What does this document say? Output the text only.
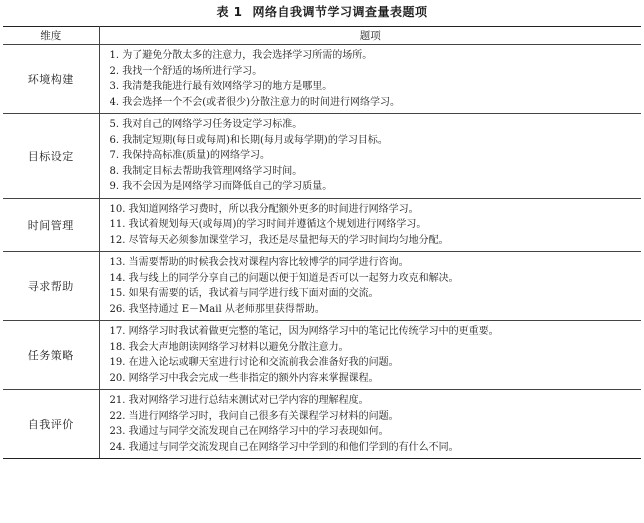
表 1 网络自我调节学习调查量表题项
维度	题项
环境构建	1. 为了避免分散太多的注意力，我会选择学习所需的场所。
2. 我找一个舒适的场所进行学习。
3. 我清楚我能进行最有效网络学习的地方是哪里。
4. 我会选择一个不会(或者很少)分散注意力的时间进行网络学习。

目标设定	5. 我对自己的网络学习任务设定学习标准。
6. 我制定短期(每日或每周)和长期(每月或每学期)的学习目标。
7. 我保持高标准(质量)的网络学习。
8. 我制定目标去帮助我管理网络学习时间。
9. 我不会因为是网络学习而降低自己的学习质量。

时间管理	10. 我知道网络学习费时，所以我分配额外更多的时间进行网络学习。
11. 我试着规划每天(或每周)的学习时间并遵循这个规划进行网络学习。
12. 尽管每天必须参加课堂学习，我还是尽量把每天的学习时间均匀地分配。

寻求帮助	13. 当需要帮助的时候我会找对课程内容比较博学的同学进行咨询。
14. 我与线上的同学分享自己的问题以便于知道是否可以一起努力攻克和解决。
15. 如果有需要的话，我试着与同学进行线下面对面的交流。
26. 我坚持通过 E－Mail 从老师那里获得帮助。

任务策略	17. 网络学习时我试着做更完整的笔记，因为网络学习中的笔记比传统学习中的更重要。
18. 我会大声地朗读网络学习材料以避免分散注意力。
19. 在进入论坛或聊天室进行讨论和交流前我会准备好我的问题。
20. 网络学习中我会完成一些非指定的额外内容来掌握课程。

自我评价	21. 我对网络学习进行总结来测试对已学内容的理解程度。
22. 当进行网络学习时，我问自己很多有关课程学习材料的问题。
23. 我通过与同学交流发现自己在网络学习中的学习表现如何。
24. 我通过与同学交流发现自己在网络学习中学到的和他们学到的有什么不同。
